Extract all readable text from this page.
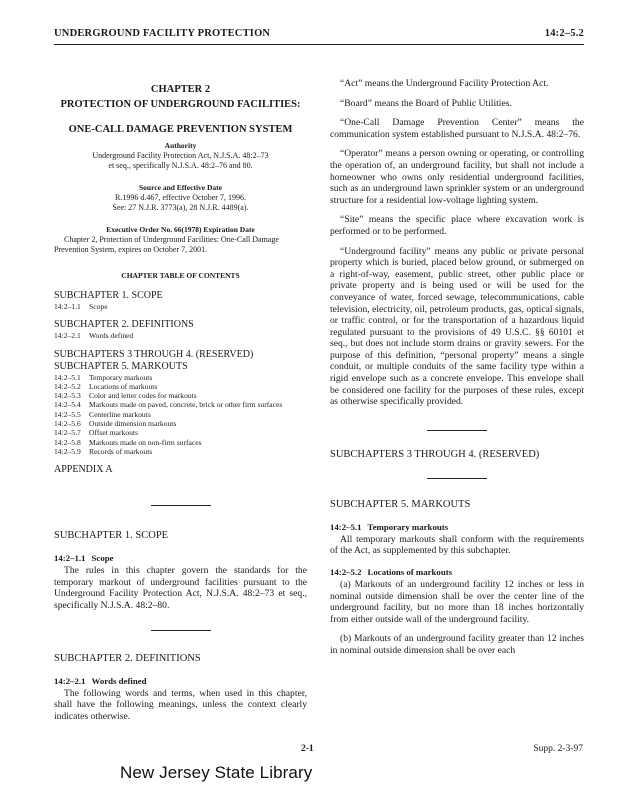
UNDERGROUND FACILITY PROTECTION	14:2–5.2
CHAPTER 2
PROTECTION OF UNDERGROUND FACILITIES:
ONE-CALL DAMAGE PREVENTION SYSTEM
Authority

Underground Facility Protection Act, N.J.S.A. 48:2–73

et seq., specifically N.J.S.A. 48:2–76 and 80.

Source and Effective Date

R.1996 d.467, effective October 7, 1996.

See: 27 N.J.R. 3773(a), 28 N.J.R. 4489(a).

Executive Order No. 66(1978) Expiration Date

Chapter 2, Protection of Underground Facilities: One-Call Damage Prevention System, expires on October 7, 2001.

CHAPTER TABLE OF CONTENTS
SUBCHAPTER 1. SCOPE
14:2–1.1	Scope
SUBCHAPTER 2. DEFINITIONS
14:2–2.1	Words defined
SUBCHAPTERS 3 THROUGH 4. (RESERVED)
SUBCHAPTER 5. MARKOUTS
14:2–5.1	Temporary markouts
14:2–5.2	Locations of markouts
14:2–5.3	Color and letter codes for markouts
14:2–5.4	Markouts made on paved, concrete, brick or other firm surfaces
14:2–5.5	Centerline markouts
14:2–5.6	Outside dimension markouts
14:2–5.7	Offset markouts
14:2–5.8	Markouts made on non-firm surfaces
14:2–5.9	Records of markouts
APPENDIX A
SUBCHAPTER 1. SCOPE
14:2–1.1 Scope

The rules in this chapter govern the standards for the temporary markout of underground facilities pursuant to the Underground Facility Protection Act, N.J.S.A. 48:2–73 et seq., specifically N.J.S.A. 48:2–80.

SUBCHAPTER 2. DEFINITIONS
14:2–2.1 Words defined

The following words and terms, when used in this chapter, shall have the following meanings, unless the context clearly indicates otherwise.

“Act” means the Underground Facility Protection Act.

“Board” means the Board of Public Utilities.

“One-Call Damage Prevention Center” means the communication system established pursuant to N.J.S.A. 48:2–76.

“Operator” means a person owning or operating, or controlling the operation of, an underground facility, but shall not include a homeowner who owns only residential underground facilities, such as an underground lawn sprinkler system or an underground structure for a residential low-voltage lighting system.

“Site” means the specific place where excavation work is performed or to be performed.

“Underground facility” means any public or private personal property which is buried, placed below ground, or submerged on a right-of-way, easement, public street, other public place or private property and is being used or will be used for the conveyance of water, forced sewage, telecommunications, cable television, electricity, oil, petroleum products, gas, optical signals, or traffic control, or for the transportation of a hazardous liquid regulated pursuant to the provisions of 49 U.S.C. §§ 60101 et seq., but does not include storm drains or gravity sewers. For the purpose of this definition, “personal property” means a single conduit, or multiple conduits of the same facility type within a rigid envelope such as a concrete envelope. This envelope shall be considered one facility for the purposes of these rules, except as otherwise specifically provided.

SUBCHAPTERS 3 THROUGH 4. (RESERVED)
SUBCHAPTER 5. MARKOUTS
14:2–5.1 Temporary markouts

All temporary markouts shall conform with the requirements of the Act, as supplemented by this subchapter.

14:2–5.2 Locations of markouts

(a) Markouts of an underground facility 12 inches or less in nominal outside dimension shall be over the center line of the underground facility, but no more than 18 inches horizontally from either outside wall of the underground facility.

(b) Markouts of an underground facility greater than 12 inches in nominal outside dimension shall be over each

2-1	Supp. 2-3-97
New Jersey State Library
